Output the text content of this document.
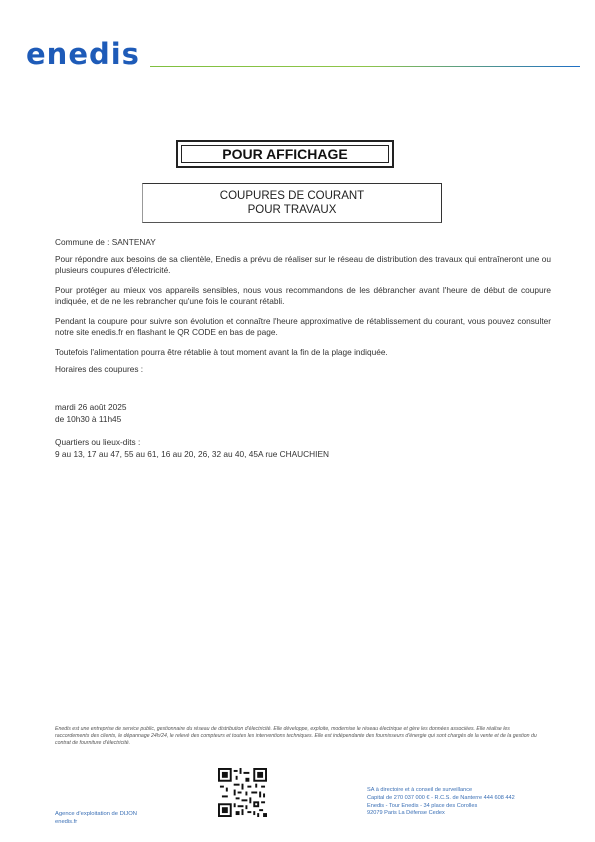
enedis
POUR AFFICHAGE
COUPURES DE COURANT
POUR TRAVAUX
Commune de : SANTENAY
Pour répondre aux besoins de sa clientèle, Enedis a prévu de réaliser sur le réseau de distribution des travaux qui entraîneront une ou plusieurs coupures d'électricité.
Pour protéger au mieux vos appareils sensibles, nous vous recommandons de les débrancher avant l'heure de début de coupure indiquée, et de ne les rebrancher qu'une fois le courant rétabli.
Pendant la coupure pour suivre son évolution et connaître l'heure approximative de rétablissement du courant, vous pouvez consulter notre site enedis.fr en flashant le QR CODE en bas de page.
Toutefois l'alimentation pourra être rétablie à tout moment avant la fin de la plage indiquée.
Horaires des coupures :
mardi 26 août 2025
de 10h30 à 11h45
Quartiers ou lieux-dits :
9 au 13, 17 au 47, 55 au 61, 16 au 20, 26, 32 au 40, 45A rue CHAUCHIEN
Enedis est une entreprise de service public, gestionnaire du réseau de distribution d'électricité. Elle développe, exploite, modernise le réseau électrique et gère les données associées. Elle réalise les raccordements des clients, le dépannage 24h/24, le relevé des compteurs et toutes les interventions techniques. Elle est indépendante des fournisseurs d'énergie qui sont chargés de la vente et de la gestion du contrat de fourniture d'électricité.
Agence d'exploitation de DIJON
enedis.fr
SA à directoire et à conseil de surveillance
Capital de 270 037 000 € - R.C.S. de Nanterre 444 608 442
Enedis - Tour Enedis - 34 place des Corolles
92079 Paris La Défense Cedex
